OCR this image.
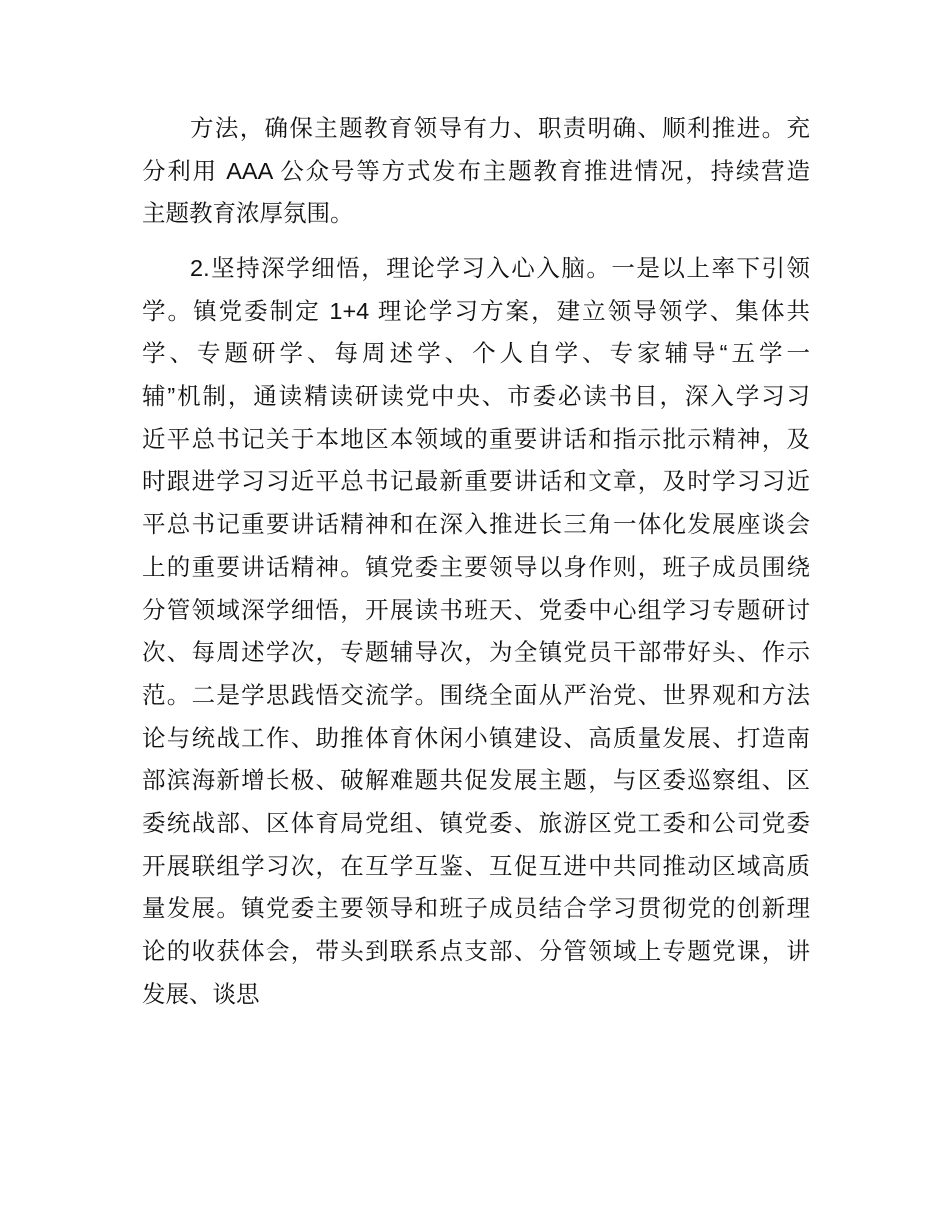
方法，确保主题教育领导有力、职责明确、顺利推进。充
分利用 AAA 公众号等方式发布主题教育推进情况，持续营造
主题教育浓厚氛围。
2.坚持深学细悟，理论学习入心入脑。一是以上率下引领
学。镇党委制定 1+4 理论学习方案，建立领导领学、集体共
学、专题研学、每周述学、个人自学、专家辅导“五学一
辅”机制，通读精读研读党中央、市委必读书目，深入学习习
近平总书记关于本地区本领域的重要讲话和指示批示精神，及
时跟进学习习近平总书记最新重要讲话和文章，及时学习习近
平总书记重要讲话精神和在深入推进长三角一体化发展座谈会
上的重要讲话精神。镇党委主要领导以身作则，班子成员围绕
分管领域深学细悟，开展读书班天、党委中心组学习专题研讨
次、每周述学次，专题辅导次，为全镇党员干部带好头、作示
范。二是学思践悟交流学。围绕全面从严治党、世界观和方法
论与统战工作、助推体育休闲小镇建设、高质量发展、打造南
部滨海新增长极、破解难题共促发展主题，与区委巡察组、区
委统战部、区体育局党组、镇党委、旅游区党工委和公司党委
开展联组学习次，在互学互鉴、互促互进中共同推动区域高质
量发展。镇党委主要领导和班子成员结合学习贯彻党的创新理
论的收获体会，带头到联系点支部、分管领域上专题党课，讲
发展、谈思
